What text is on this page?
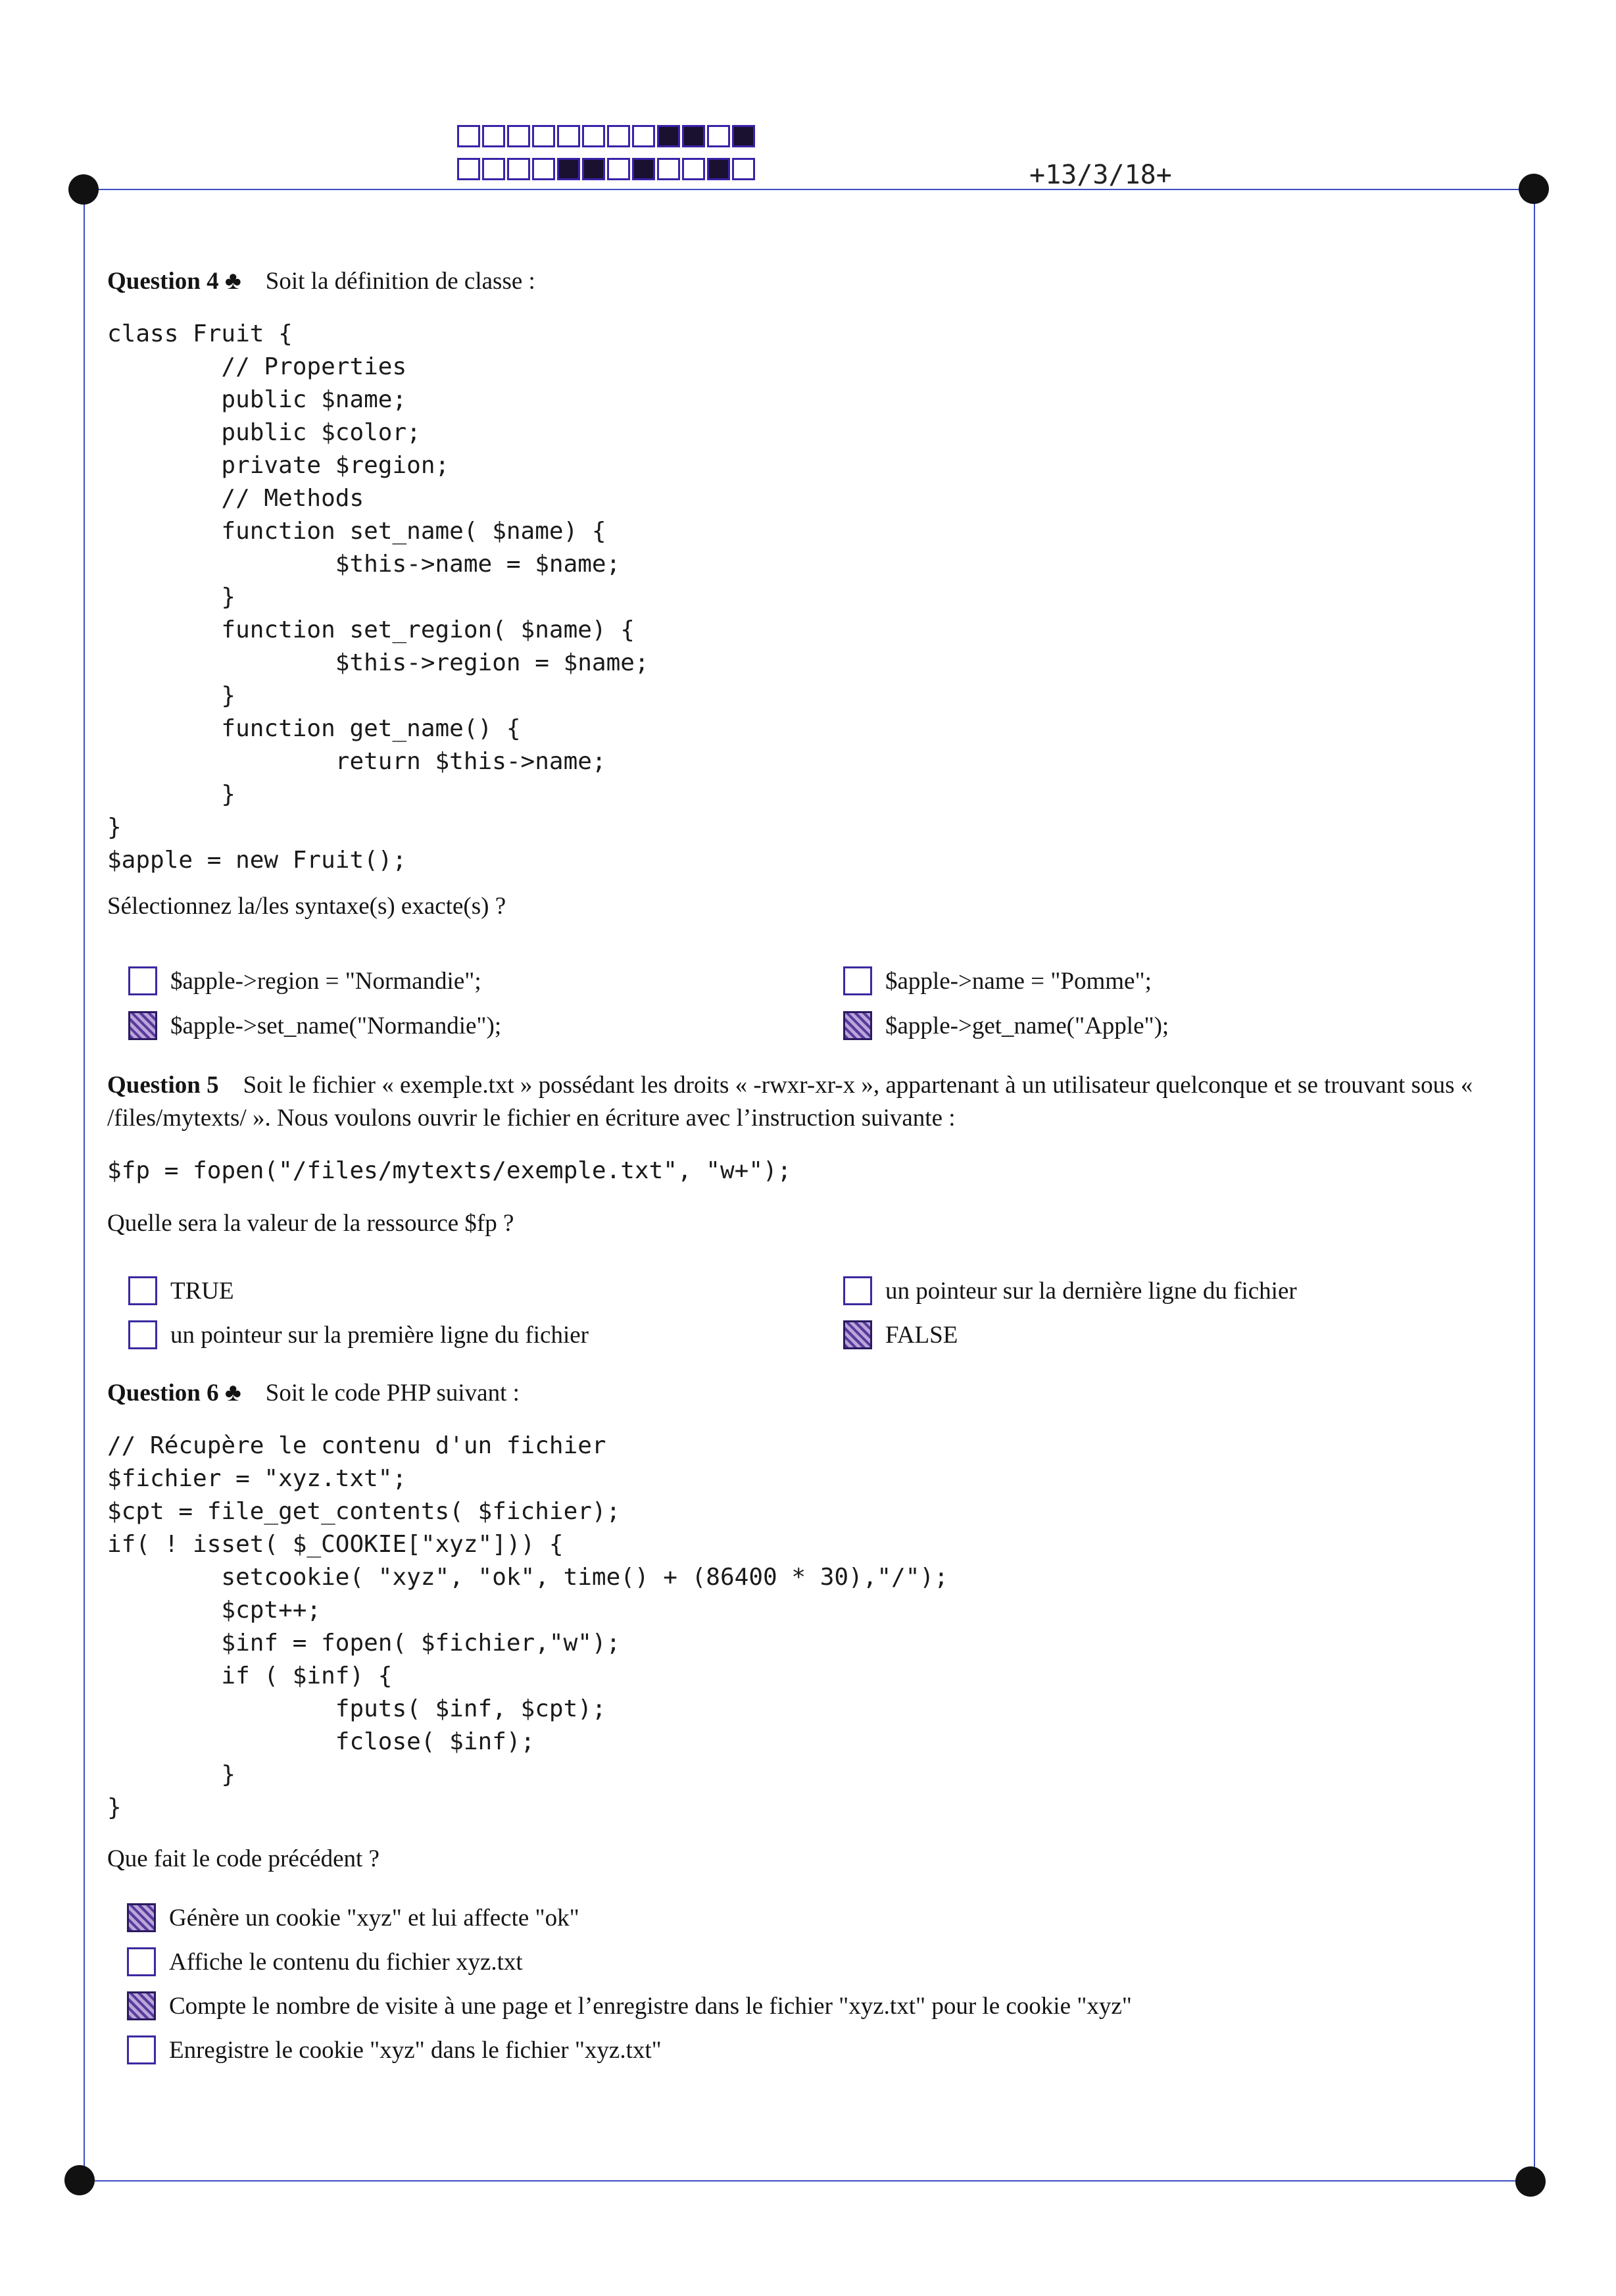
+13/3/18+
Question 4 ♣ Soit la définition de classe :
class Fruit {
// Properties
public $name;
public $color;
private $region;
// Methods
function set_name( $name) {
$this->name = $name;
}
function set_region( $name) {
$this->region = $name;
}
function get_name() {
return $this->name;
}
}
$apple = new Fruit();
Sélectionnez la/les syntaxe(s) exacte(s) ?
$apple->region = "Normandie";	$apple->name = "Pomme";
$apple->set_name("Normandie");	$apple->get_name("Apple");
Question 5 Soit le fichier « exemple.txt » possédant les droits « -rwxr-xr-x », appartenant à un utilisateur quelconque et se trouvant sous « /files/mytexts/ ». Nous voulons ouvrir le fichier en écriture avec l’instruction suivante :
$fp = fopen("/files/mytexts/exemple.txt", "w+");
Quelle sera la valeur de la ressource $fp ?
TRUE	un pointeur sur la dernière ligne du fichier
un pointeur sur la première ligne du fichier	FALSE
Question 6 ♣ Soit le code PHP suivant :
// Récupère le contenu d'un fichier
$fichier = "xyz.txt";
$cpt = file_get_contents( $fichier);
if( ! isset( $_COOKIE["xyz"])) {
setcookie( "xyz", "ok", time() + (86400 * 30),"/");
$cpt++;
$inf = fopen( $fichier,"w");
if ( $inf) {
fputs( $inf, $cpt);
fclose( $inf);
}
}
Que fait le code précédent ?
Génère un cookie "xyz" et lui affecte "ok"
Affiche le contenu du fichier xyz.txt
Compte le nombre de visite à une page et l’enregistre dans le fichier "xyz.txt" pour le cookie "xyz"
Enregistre le cookie "xyz" dans le fichier "xyz.txt"
